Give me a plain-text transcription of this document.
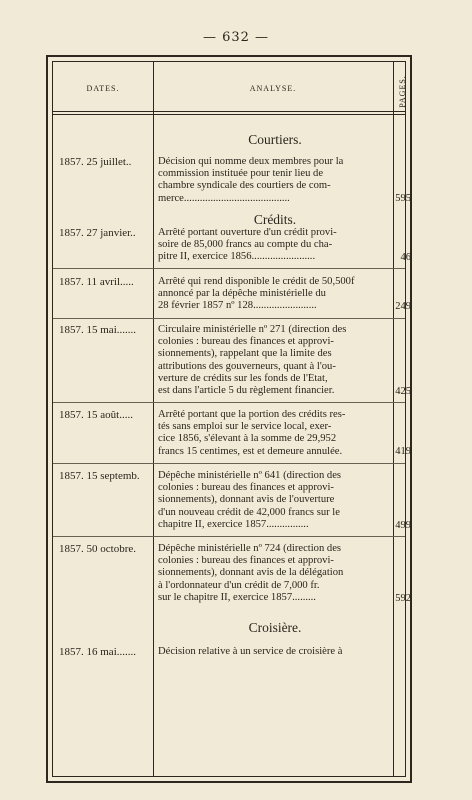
— 632 —
DATES.	ANALYSE.	PAGES.
Courtiers.
1857. 25 juillet..	Décision qui nomme deux membres pour la
commission instituée pour tenir lieu de
chambre syndicale des courtiers de com-
merce........................................	595
Crédits.
1857. 27 janvier..	Arrêté portant ouverture d'un crédit provi-
soire de 85,000 francs au compte du cha-
pitre II, exercice 1856........................	46
1857. 11 avril.....	Arrêté qui rend disponible le crédit de 50,500f
annoncé par la dépêche ministérielle du
28 février 1857 nº 128........................	249
1857. 15 mai.......	Circulaire ministérielle nº 271 (direction des
colonies : bureau des finances et approvi-
sionnements), rappelant que la limite des
attributions des gouverneurs, quant à l'ou-
verture de crédits sur les fonds de l'État,
est dans l'article 5 du règlement financier.	425
1857. 15 août.....	Arrêté portant que la portion des crédits res-
tés sans emploi sur le service local, exer-
cice 1856, s'élevant à la somme de 29,952
francs 15 centimes, est et demeure annulée.	419
1857. 15 septemb.	Dépêche ministérielle nº 641 (direction des
colonies : bureau des finances et approvi-
sionnements), donnant avis de l'ouverture
d'un nouveau crédit de 42,000 francs sur le
chapitre II, exercice 1857................	499
1857. 50 octobre.	Dépêche ministérielle nº 724 (direction des
colonies : bureau des finances et approvi-
sionnements), donnant avis de la délégation
à l'ordonnateur d'un crédit de 7,000 fr.
sur le chapitre II, exercice 1857.........	592
Croisière.
1857. 16 mai.......	Décision relative à un service de croisière à
